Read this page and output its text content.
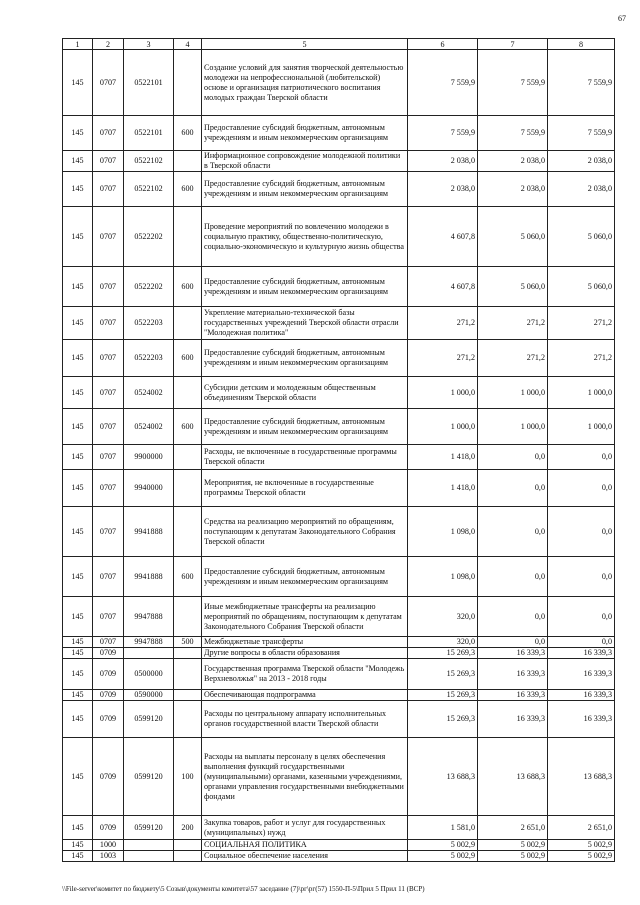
67
1	2	3	4	5	6	7	8
145	0707	0522101		Создание условий для занятия творческой деятельностью молодежи на непрофессиональной (любительской) основе и организация патриотического воспитания молодых граждан Тверской области	7 559,9	7 559,9	7 559,9
145	0707	0522101	600	Предоставление субсидий бюджетным, автономным учреждениям и иным некоммерческим организациям	7 559,9	7 559,9	7 559,9
145	0707	0522102		Информационное сопровождение молодежной политики в Тверской области	2 038,0	2 038,0	2 038,0
145	0707	0522102	600	Предоставление субсидий бюджетным, автономным учреждениям и иным некоммерческим организациям	2 038,0	2 038,0	2 038,0
145	0707	0522202		Проведение мероприятий по вовлечению молодежи в социальную практику, общественно-политическую, социально-экономическую и культурную жизнь общества	4 607,8	5 060,0	5 060,0
145	0707	0522202	600	Предоставление субсидий бюджетным, автономным учреждениям и иным некоммерческим организациям	4 607,8	5 060,0	5 060,0
145	0707	0522203		Укрепление материально-технической базы государственных учреждений Тверской области отрасли "Молодежная политика"	271,2	271,2	271,2
145	0707	0522203	600	Предоставление субсидий бюджетным, автономным учреждениям и иным некоммерческим организациям	271,2	271,2	271,2
145	0707	0524002		Субсидии детским и молодежным общественным объединениям Тверской области	1 000,0	1 000,0	1 000,0
145	0707	0524002	600	Предоставление субсидий бюджетным, автономным учреждениям и иным некоммерческим организациям	1 000,0	1 000,0	1 000,0
145	0707	9900000		Расходы, не включенные в государственные программы Тверской области	1 418,0	0,0	0,0
145	0707	9940000		Мероприятия, не включенные в государственные программы Тверской области	1 418,0	0,0	0,0
145	0707	9941888		Средства на реализацию мероприятий по обращениям, поступающим к депутатам Законодательного Собрания Тверской области	1 098,0	0,0	0,0
145	0707	9941888	600	Предоставление субсидий бюджетным, автономным учреждениям и иным некоммерческим организациям	1 098,0	0,0	0,0
145	0707	9947888		Иные межбюджетные трансферты на реализацию мероприятий по обращениям, поступающим к депутатам Законодательного Собрания Тверской области	320,0	0,0	0,0
145	0707	9947888	500	Межбюджетные трансферты	320,0	0,0	0,0
145	0709			Другие вопросы в области образования	15 269,3	16 339,3	16 339,3
145	0709	0500000		Государственная программа Тверской области "Молодежь Верхневолжья" на 2013 - 2018 годы	15 269,3	16 339,3	16 339,3
145	0709	0590000		Обеспечивающая подпрограмма	15 269,3	16 339,3	16 339,3
145	0709	0599120		Расходы по центральному аппарату исполнительных органов государственной власти Тверской области	15 269,3	16 339,3	16 339,3
145	0709	0599120	100	Расходы на выплаты персоналу в целях обеспечения выполнения функций государственными (муниципальными) органами, казенными учреждениями, органами управления государственными внебюджетными фондами	13 688,3	13 688,3	13 688,3
145	0709	0599120	200	Закупка товаров, работ и услуг для государственных (муниципальных) нужд	1 581,0	2 651,0	2 651,0
145	1000			СОЦИАЛЬНАЯ ПОЛИТИКА	5 002,9	5 002,9	5 002,9
145	1003			Социальное обеспечение населения	5 002,9	5 002,9	5 002,9
\\File-server\комитет по бюджету\5 Созыв\документы комитета\57 заседание (7)\рг\рг(57) 1550-П-5\Прил 5 Прил 11 (ВСР)
